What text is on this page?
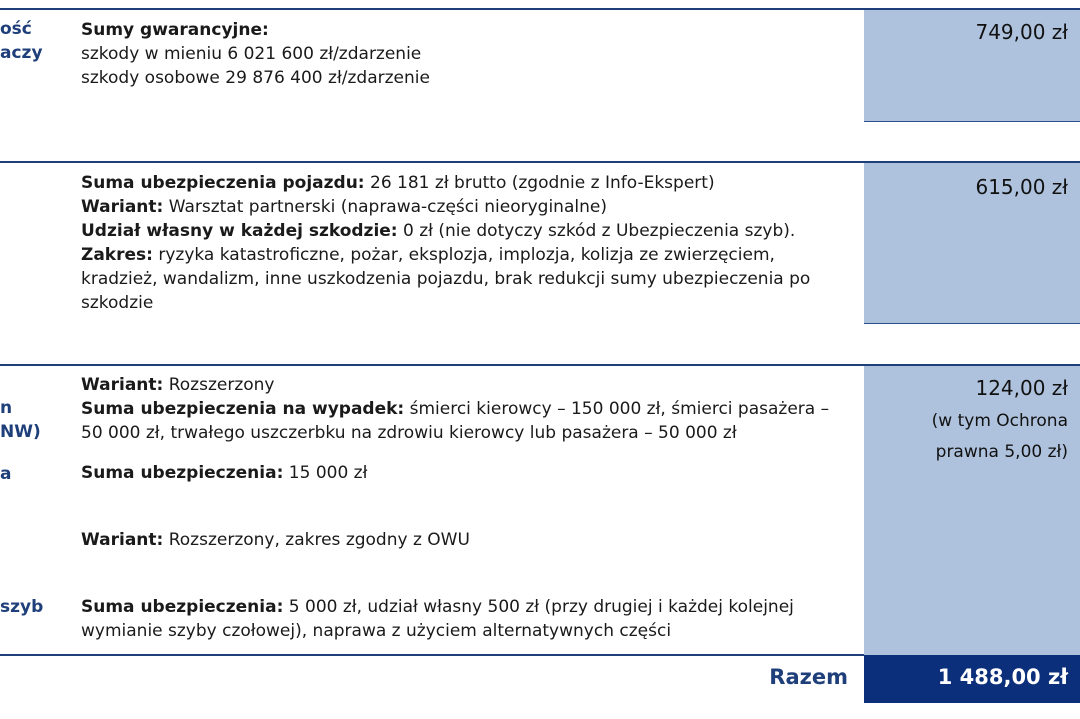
749,00 zł
615,00 zł
124,00 zł
(w tym Ochrona prawna 5,00 zł)
ość
aczy
n
NW)
a
szyb
Sumy gwarancyjne:
szkody w mieniu 6 021 600 zł/zdarzenie
szkody osobowe 29 876 400 zł/zdarzenie
Suma ubezpieczenia pojazdu: 26 181 zł brutto (zgodnie z Info-Ekspert)
Wariant: Warsztat partnerski (naprawa-części nieoryginalne)
Udział własny w każdej szkodzie: 0 zł (nie dotyczy szkód z Ubezpieczenia szyb).
Zakres: ryzyka katastroficzne, pożar, eksplozja, implozja, kolizja ze zwierzęciem, kradzież, wandalizm, inne uszkodzenia pojazdu, brak redukcji sumy ubezpieczenia po szkodzie
Wariant: Rozszerzony
Suma ubezpieczenia na wypadek: śmierci kierowcy – 150 000 zł, śmierci pasażera – 50 000 zł, trwałego uszczerbku na zdrowiu kierowcy lub pasażera – 50 000 zł
Suma ubezpieczenia: 15 000 zł
Wariant: Rozszerzony, zakres zgodny z OWU
Suma ubezpieczenia: 5 000 zł, udział własny 500 zł (przy drugiej i każdej kolejnej wymianie szyby czołowej), naprawa z użyciem alternatywnych części
Razem	1 488,00 zł
